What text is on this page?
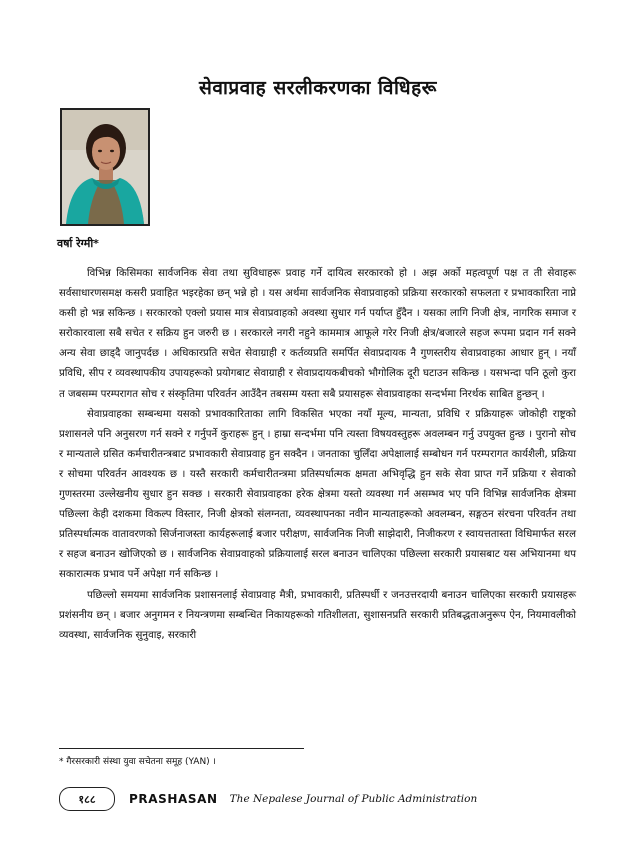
सेवाप्रवाह सरलीकरणका विधिहरू
वर्षा रेग्मी*

विभिन्न किसिमका सार्वजनिक सेवा तथा सुविधाहरू प्रवाह गर्ने दायित्व सरकारको हो । अझ अर्को महत्वपूर्ण पक्ष त ती सेवाहरू सर्वसाधारणसमक्ष कसरी प्रवाहित भइरहेका छन् भन्ने हो । यस अर्थमा सार्वजनिक सेवाप्रवाहको प्रक्रिया सरकारको सफलता र प्रभावकारिता नाप्ने कसी हो भन्न सकिन्छ । सरकारको एक्लो प्रयास मात्र सेवाप्रवाहको अवस्था सुधार गर्न पर्याप्त हुँदैन । यसका लागि निजी क्षेत्र, नागरिक समाज र सरोकारवाला सबै सचेत र सक्रिय हुन जरुरी छ । सरकारले नगरी नहुने काममात्र आफूले गरेर निजी क्षेत्र/बजारले सहज रूपमा प्रदान गर्न सक्ने अन्य सेवा छाड्दै जानुपर्दछ । अधिकारप्रति सचेत सेवाग्राही र कर्तव्यप्रति समर्पित सेवाप्रदायक नै गुणस्तरीय सेवाप्रवाहका आधार हुन् । नयाँ प्रविधि, सीप र व्यवस्थापकीय उपायहरूको प्रयोगबाट सेवाग्राही र सेवाप्रदायकबीचको भौगोलिक दूरी घटाउन सकिन्छ । यसभन्दा पनि ठूलो कुरा त जबसम्म परम्परागत सोच र संस्कृतिमा परिवर्तन आउँदैन तबसम्म यस्ता सबै प्रयासहरू सेवाप्रवाहका सन्दर्भमा निरर्थक साबित हुन्छन् ।

सेवाप्रवाहका सम्बन्धमा यसको प्रभावकारिताका लागि विकसित भएका नयाँ मूल्य, मान्यता, प्रविधि र प्रक्रियाहरू जोकोही राष्ट्रको प्रशासनले पनि अनुसरण गर्न सक्ने र गर्नुपर्ने कुराहरू हुन् । हाम्रा सन्दर्भमा पनि त्यस्ता विषयवस्तुहरू अवलम्बन गर्नु उपयुक्त हुन्छ । पुरानो सोच र मान्यताले ग्रसित कर्मचारीतन्त्रबाट प्रभावकारी सेवाप्रवाह हुन सक्दैन । जनताका चुलिँदा अपेक्षालाई सम्बोधन गर्न परम्परागत कार्यशैली, प्रक्रिया र सोचमा परिवर्तन आवश्यक छ । यस्तै सरकारी कर्मचारीतन्त्रमा प्रतिस्पर्धात्मक क्षमता अभिवृद्धि हुन सके सेवा प्राप्त गर्ने प्रक्रिया र सेवाको गुणस्तरमा उल्लेखनीय सुधार हुन सक्छ । सरकारी सेवाप्रवाहका हरेक क्षेत्रमा यस्तो व्यवस्था गर्न असम्भव भए पनि विभिन्न सार्वजनिक क्षेत्रमा पछिल्ला केही दशकमा विकल्प विस्तार, निजी क्षेत्रको संलग्नता, व्यवस्थापनका नवीन मान्यताहरूको अवलम्बन, सङ्गठन संरचना परिवर्तन तथा प्रतिस्पर्धात्मक वातावरणको सिर्जनाजस्ता कार्यहरूलाई बजार परीक्षण, सार्वजनिक निजी साझेदारी, निजीकरण र स्वायत्ततास्ता विधिमार्फत सरल र सहज बनाउन खोजिएको छ । सार्वजनिक सेवाप्रवाहको प्रक्रियालाई सरल बनाउन चालिएका पछिल्ला सरकारी प्रयासबाट यस अभियानमा थप सकारात्मक प्रभाव पर्ने अपेक्षा गर्न सकिन्छ ।

पछिल्लो समयमा सार्वजनिक प्रशासनलाई सेवाप्रवाह मैत्री, प्रभावकारी, प्रतिस्पर्धी र जनउत्तरदायी बनाउन चालिएका सरकारी प्रयासहरू प्रशंसनीय छन् । बजार अनुगमन र नियन्त्रणमा सम्बन्धित निकायहरूको गतिशीलता, सुशासनप्रति सरकारी प्रतिबद्धताअनुरूप ऐन, नियमावलीको व्यवस्था, सार्वजनिक सुनुवाइ, सरकारी

* गैरसरकारी संस्था युवा सचेतना समूह (YAN) ।
१८८	PRASHASAN The Nepalese Journal of Public Administration
